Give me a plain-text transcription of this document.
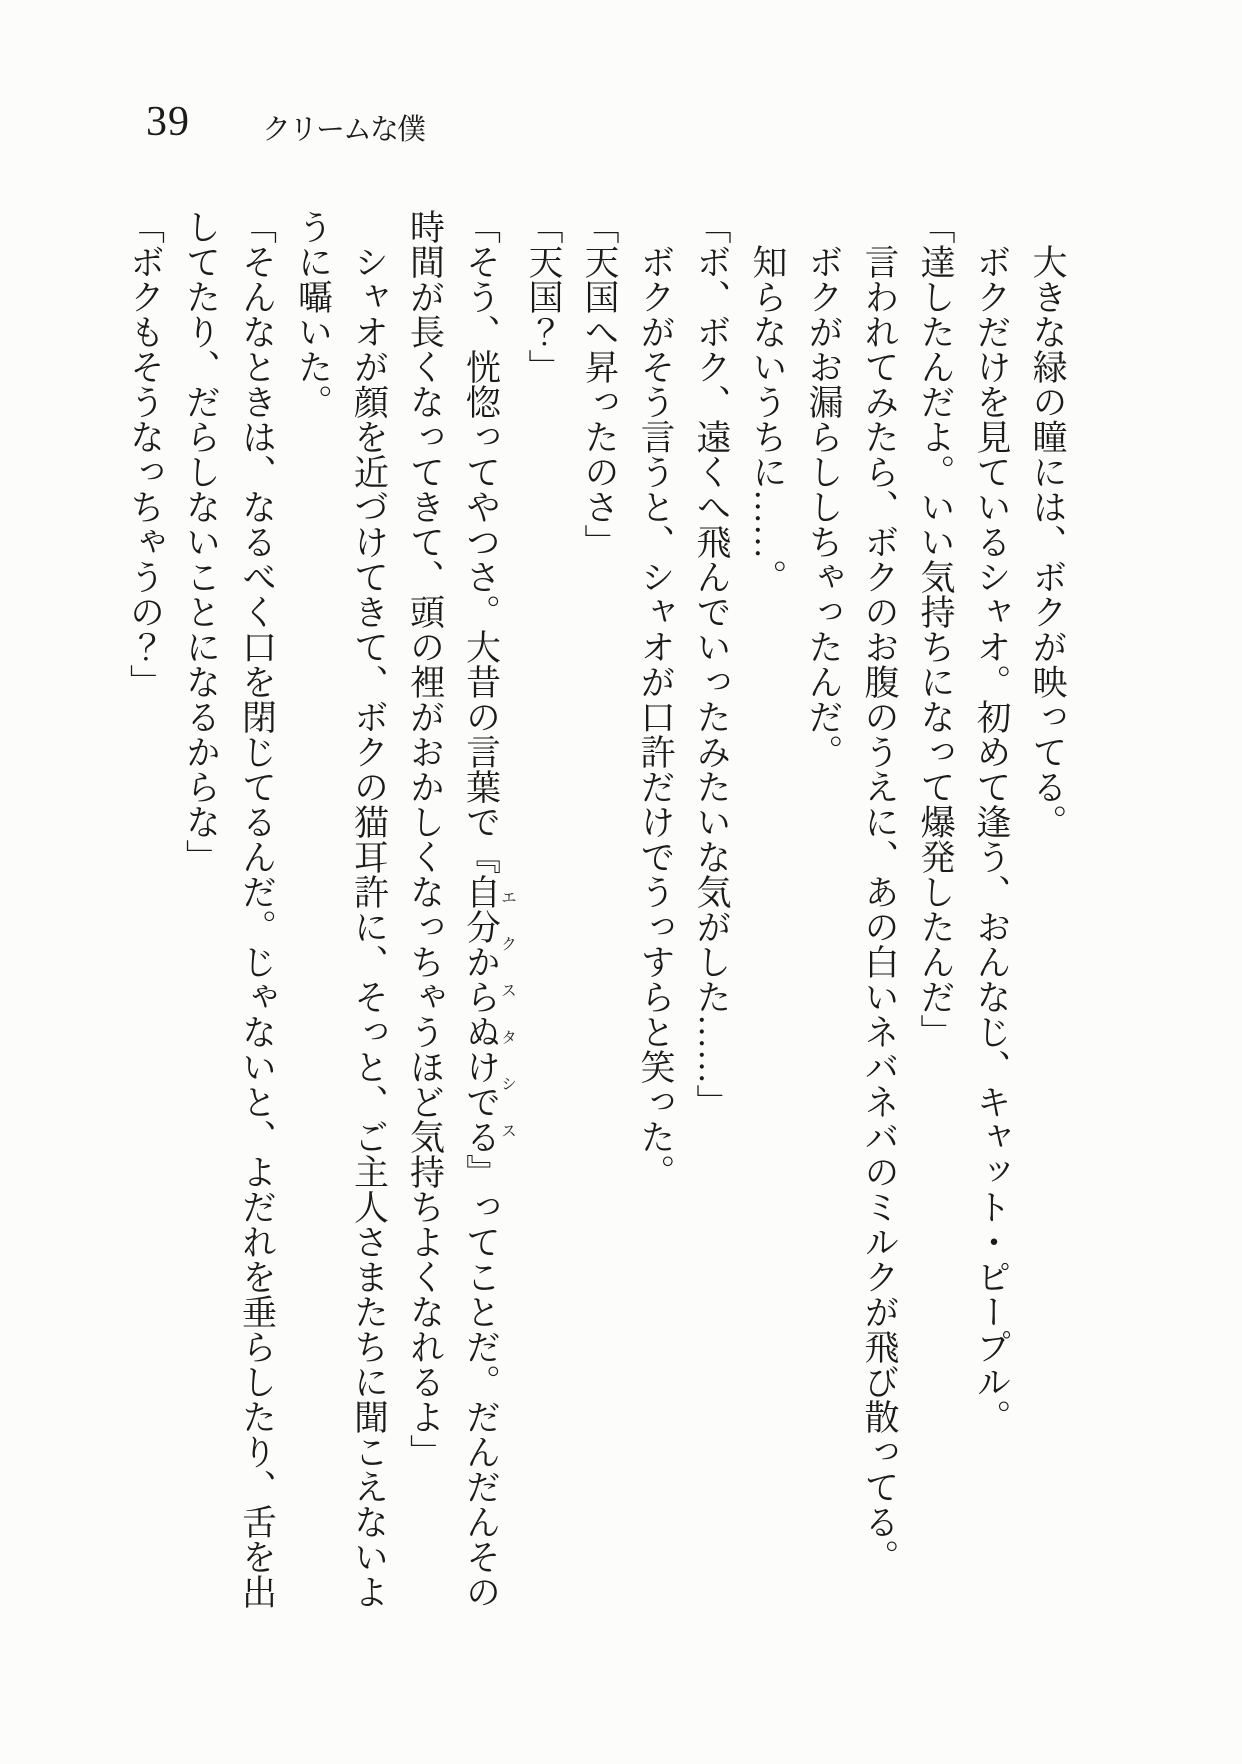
39 クリームな僕

大きな緑の瞳には、ボクが映ってる。

ボクだけを見ているシャオ。初めて逢う、おんなじ、キャット・ピープル。

「達したんだよ。いい気持ちになって爆発したんだ」

言われてみたら、ボクのお腹のうえに、あの白いネバネバのミルクが飛び散ってる。

ボクがお漏らししちゃったんだ。

知らないうちに……。

「ボ、ボク、遠くへ飛んでいったみたいな気がした……」

ボクがそう言うと、シャオが口許だけでうっすらと笑った。

「天国へ昇ったのさ」

「天国？」

「そう、恍惚ってやつさ。大昔の言葉で『自分からぬけでるエクスタシス』ってことだ。だんだんその時間が長くなってきて、頭の裡がおかしくなっちゃうほど気持ちよくなれるよ」

シャオが顔を近づけてきて、ボクの猫耳許に、そっと、ご主人さまたちに聞こえないように囁いた。

「そんなときは、なるべく口を閉じてるんだ。じゃないと、よだれを垂らしたり、舌を出してたり、だらしないことになるからな」

「ボクもそうなっちゃうの？」
